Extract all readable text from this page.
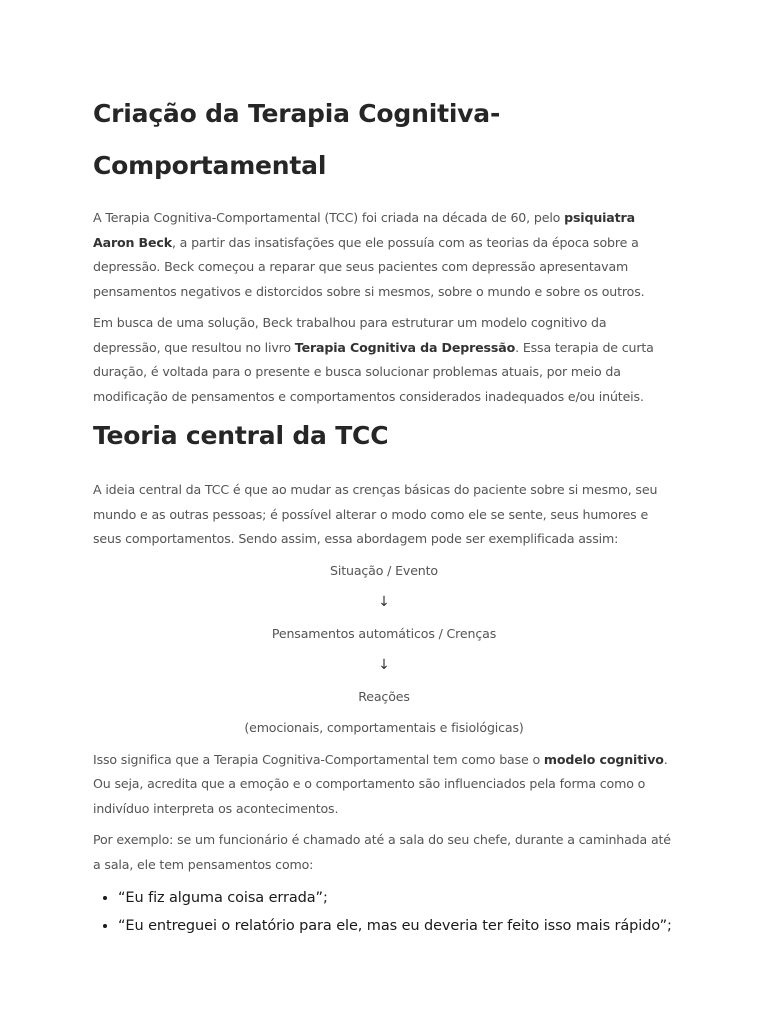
Criação da Terapia Cognitiva-
Comportamental

A Terapia Cognitiva-Comportamental (TCC) foi criada na década de 60, pelo psiquiatra Aaron Beck, a partir das insatisfações que ele possuía com as teorias da época sobre a depressão. Beck começou a reparar que seus pacientes com depressão apresentavam pensamentos negativos e distorcidos sobre si mesmos, sobre o mundo e sobre os outros.

Em busca de uma solução, Beck trabalhou para estruturar um modelo cognitivo da depressão, que resultou no livro Terapia Cognitiva da Depressão. Essa terapia de curta duração, é voltada para o presente e busca solucionar problemas atuais, por meio da modificação de pensamentos e comportamentos considerados inadequados e/ou inúteis.

Teoria central da TCC

A ideia central da TCC é que ao mudar as crenças básicas do paciente sobre si mesmo, seu mundo e as outras pessoas; é possível alterar o modo como ele se sente, seus humores e seus comportamentos. Sendo assim, essa abordagem pode ser exemplificada assim:

Situação / Evento

↓

Pensamentos automáticos / Crenças

↓

Reações

(emocionais, comportamentais e fisiológicas)

Isso significa que a Terapia Cognitiva-Comportamental tem como base o modelo cognitivo. Ou seja, acredita que a emoção e o comportamento são influenciados pela forma como o indivíduo interpreta os acontecimentos.

Por exemplo: se um funcionário é chamado até a sala do seu chefe, durante a caminhada até a sala, ele tem pensamentos como:

• “Eu fiz alguma coisa errada”;
• “Eu entreguei o relatório para ele, mas eu deveria ter feito isso mais rápido”;
